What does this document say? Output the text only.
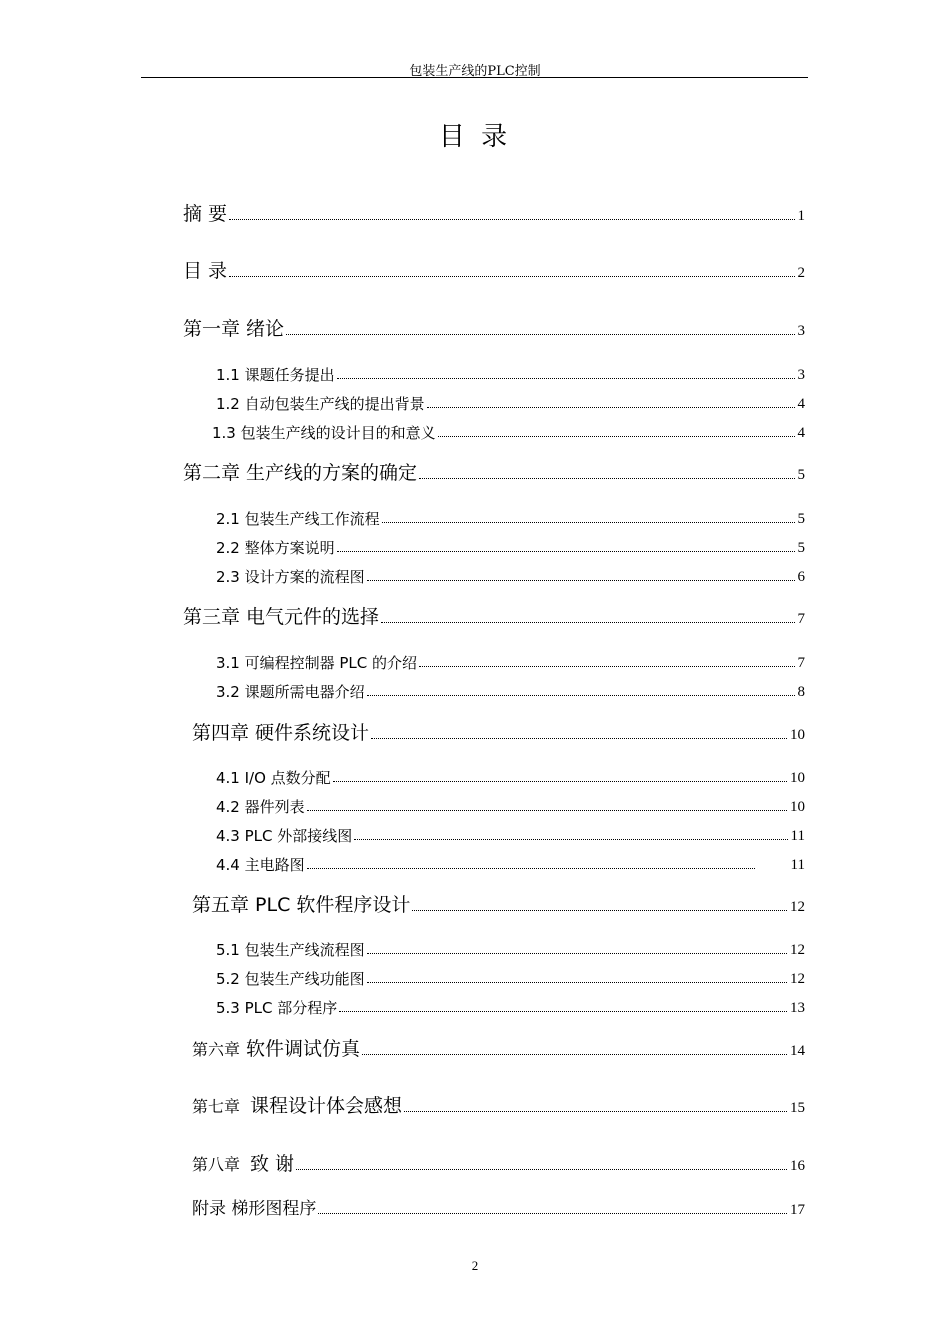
包装生产线的PLC控制
目 录
摘 要	1
目 录	2
第一章 绪论	3
1.1 课题任务提出	3
1.2 自动包装生产线的提出背景	4
1.3 包装生产线的设计目的和意义	4
第二章 生产线的方案的确定	5
2.1 包装生产线工作流程	5
2.2 整体方案说明	5
2.3 设计方案的流程图	6
第三章 电气元件的选择	7
3.1 可编程控制器 PLC 的介绍	7
3.2 课题所需电器介绍	8
第四章 硬件系统设计	10
4.1 I/O 点数分配	10
4.2 器件列表	10
4.3 PLC 外部接线图	11
4.4 主电路图	11
第五章 PLC 软件程序设计	12
5.1 包装生产线流程图	12
5.2 包装生产线功能图	12
5.3 PLC 部分程序	13
第六章 软件调试仿真	14
第七章 课程设计体会感想	15
第八章 致 谢	16
附录 梯形图程序	17
2
